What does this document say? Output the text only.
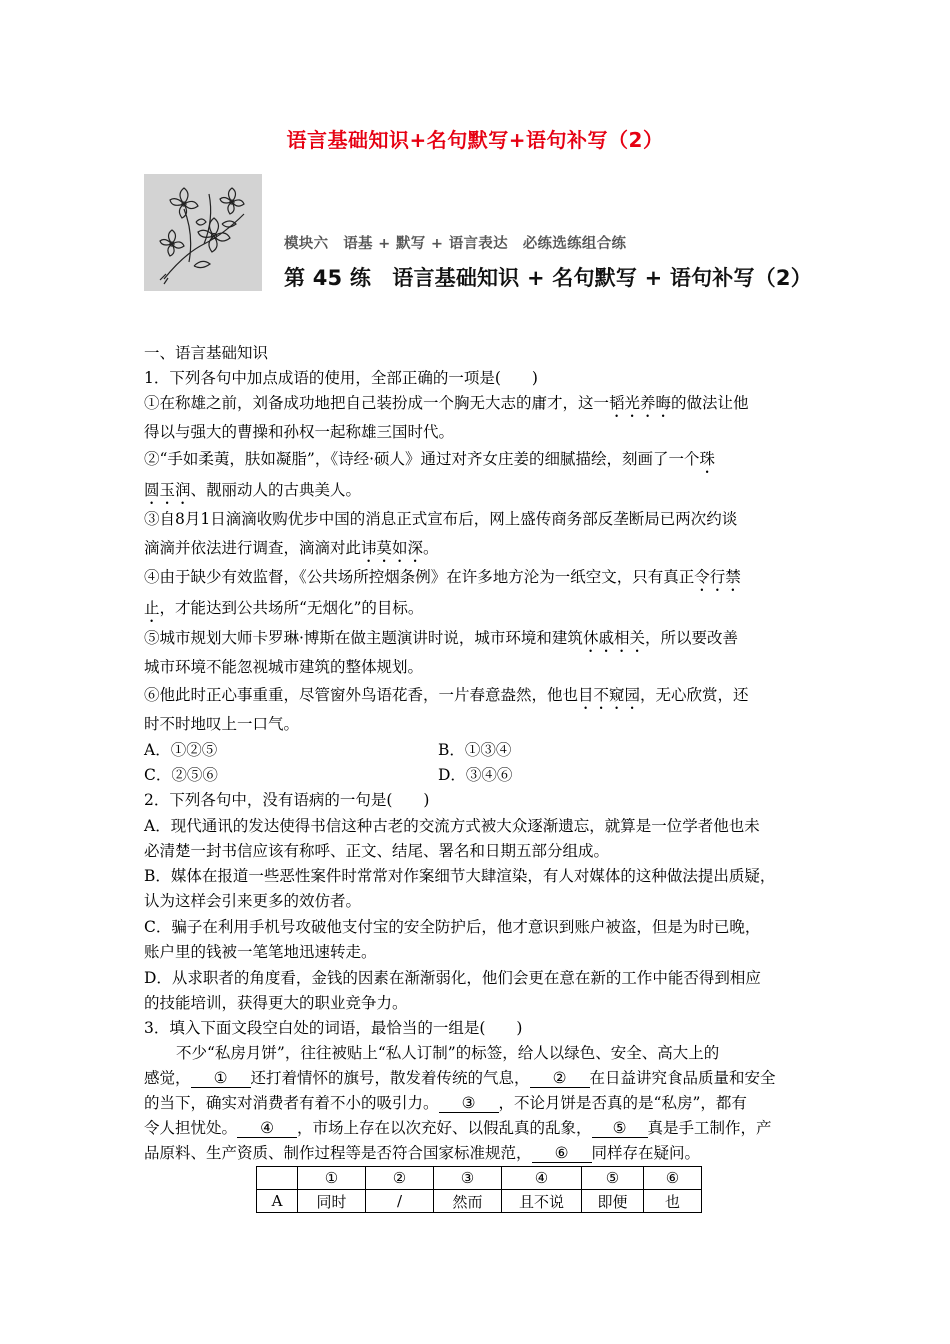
语言基础知识+名句默写+语句补写（2）
模块六　语基 + 默写 + 语言表达　必练选练组合练
第 45 练　语言基础知识 + 名句默写 + 语句补写（2）
一、语言基础知识
1．下列各句中加点成语的使用，全部正确的一项是(　　)
①在称雄之前，刘备成功地把自己装扮成一个胸无大志的庸才，这一韬光养晦的做法让他
得以与强大的曹操和孙权一起称雄三国时代。
②“手如柔荑，肤如凝脂”，《诗经·硕人》通过对齐女庄姜的细腻描绘，刻画了一个珠
圆玉润、靓丽动人的古典美人。
③自8月1日滴滴收购优步中国的消息正式宣布后，网上盛传商务部反垄断局已两次约谈
滴滴并依法进行调查，滴滴对此讳莫如深。
④由于缺少有效监督，《公共场所控烟条例》在许多地方沦为一纸空文，只有真正令行禁
止，才能达到公共场所“无烟化”的目标。
⑤城市规划大师卡罗琳·博斯在做主题演讲时说，城市环境和建筑休戚相关，所以要改善
城市环境不能忽视城市建筑的整体规划。
⑥他此时正心事重重，尽管窗外鸟语花香，一片春意盎然，他也目不窥园，无心欣赏，还
时不时地叹上一口气。
A．①②⑤	B．①③④
C．②⑤⑥	D．③④⑥
2．下列各句中，没有语病的一句是(　　)
A．现代通讯的发达使得书信这种古老的交流方式被大众逐渐遗忘，就算是一位学者他也未
必清楚一封书信应该有称呼、正文、结尾、署名和日期五部分组成。
B．媒体在报道一些恶性案件时常常对作案细节大肆渲染，有人对媒体的这种做法提出质疑，
认为这样会引来更多的效仿者。
C．骗子在利用手机号攻破他支付宝的安全防护后，他才意识到账户被盗，但是为时已晚，
账户里的钱被一笔笔地迅速转走。
D．从求职者的角度看，金钱的因素在渐渐弱化，他们会更在意在新的工作中能否得到相应
的技能培训，获得更大的职业竞争力。
3．填入下面文段空白处的词语，最恰当的一组是(　　)
不少“私房月饼”，往往被贴上“私人订制”的标签，给人以绿色、安全、高大上的
感觉， ① 还打着情怀的旗号，散发着传统的气息， ② 在日益讲究食品质量和安全
的当下，确实对消费者有着不小的吸引力。 ③ ，不论月饼是否真的是“私房”，都有
令人担忧处。 ④ ，市场上存在以次充好、以假乱真的乱象， ⑤ 真是手工制作，产
品原料、生产资质、制作过程等是否符合国家标准规范， ⑥ 同样存在疑问。
	①	②	③	④	⑤	⑥
A	同时	/	然而	且不说	即便	也
